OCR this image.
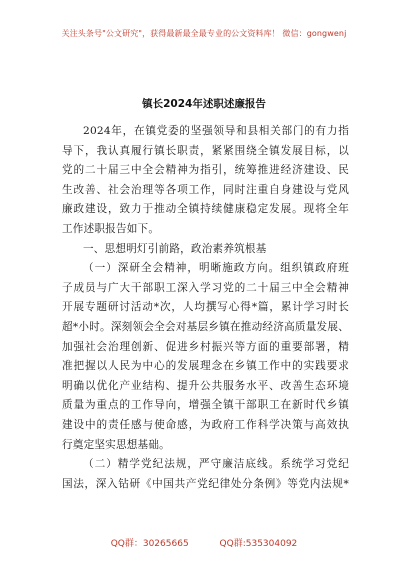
关注头条号"公文研究"，获得最新最全最专业的公文资料库！ 微信：gongwenj
镇长2024年述职述廉报告
2024年，在镇党委的坚强领导和县相关部门的有力指
导下，我认真履行镇长职责，紧紧围绕全镇发展目标，以
党的二十届三中全会精神为指引，统筹推进经济建设、民
生改善、社会治理等各项工作，同时注重自身建设与党风
廉政建设，致力于推动全镇持续健康稳定发展。现将全年
工作述职报告如下。
一、思想明灯引前路，政治素养筑根基
（一）深研全会精神，明晰施政方向。组织镇政府班
子成员与广大干部职工深入学习党的二十届三中全会精神
开展专题研讨活动*次，人均撰写心得*篇，累计学习时长
超*小时。深刻领会全会对基层乡镇在推动经济高质量发展、
加强社会治理创新、促进乡村振兴等方面的重要部署，精
准把握以人民为中心的发展理念在乡镇工作中的实践要求
明确以优化产业结构、提升公共服务水平、改善生态环境
质量为重点的工作导向，增强全镇干部职工在新时代乡镇
建设中的责任感与使命感，为政府工作科学决策与高效执
行奠定坚实思想基础。
（二）精学党纪法规，严守廉洁底线。系统学习党纪
国法，深入钻研《中国共产党纪律处分条例》等党内法规*
QQ群：30265665	QQ群:535304092
